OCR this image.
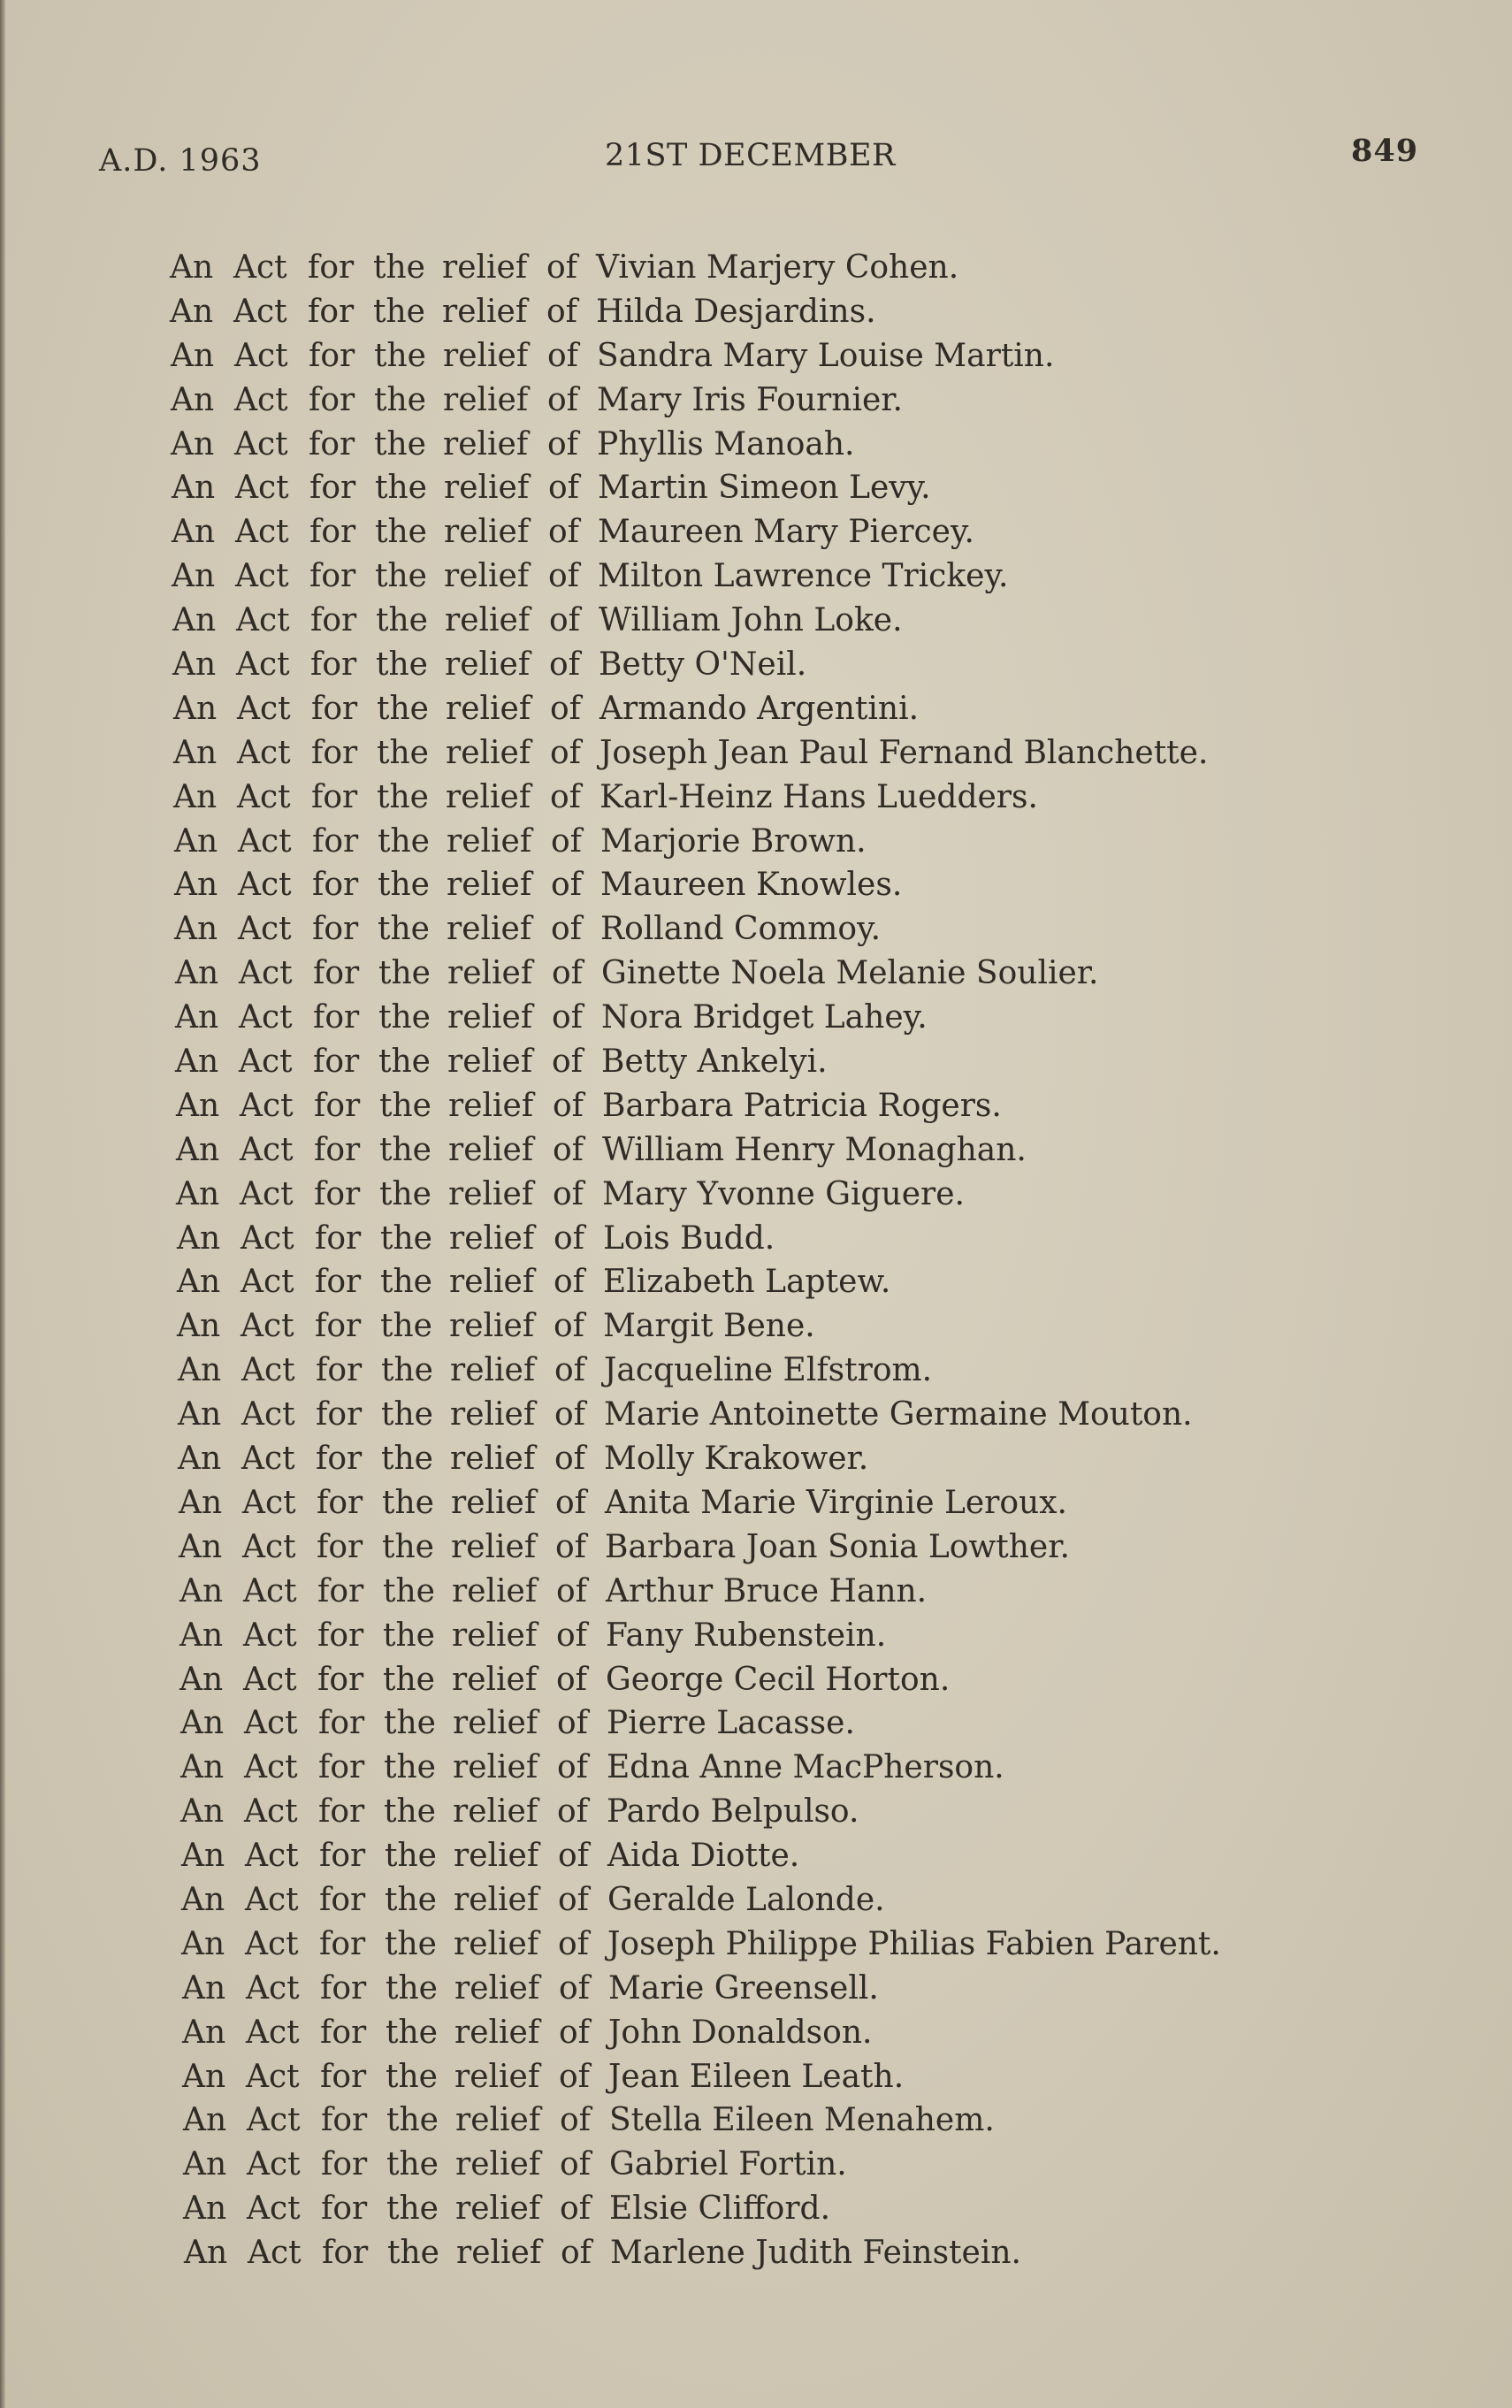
A.D. 1963	21ST DECEMBER	849
An Act for the relief of Vivian Marjery Cohen.
An Act for the relief of Hilda Desjardins.
An Act for the relief of Sandra Mary Louise Martin.
An Act for the relief of Mary Iris Fournier.
An Act for the relief of Phyllis Manoah.
An Act for the relief of Martin Simeon Levy.
An Act for the relief of Maureen Mary Piercey.
An Act for the relief of Milton Lawrence Trickey.
An Act for the relief of William John Loke.
An Act for the relief of Betty O'Neil.
An Act for the relief of Armando Argentini.
An Act for the relief of Joseph Jean Paul Fernand Blanchette.
An Act for the relief of Karl-Heinz Hans Luedders.
An Act for the relief of Marjorie Brown.
An Act for the relief of Maureen Knowles.
An Act for the relief of Rolland Commoy.
An Act for the relief of Ginette Noela Melanie Soulier.
An Act for the relief of Nora Bridget Lahey.
An Act for the relief of Betty Ankelyi.
An Act for the relief of Barbara Patricia Rogers.
An Act for the relief of William Henry Monaghan.
An Act for the relief of Mary Yvonne Giguere.
An Act for the relief of Lois Budd.
An Act for the relief of Elizabeth Laptew.
An Act for the relief of Margit Bene.
An Act for the relief of Jacqueline Elfstrom.
An Act for the relief of Marie Antoinette Germaine Mouton.
An Act for the relief of Molly Krakower.
An Act for the relief of Anita Marie Virginie Leroux.
An Act for the relief of Barbara Joan Sonia Lowther.
An Act for the relief of Arthur Bruce Hann.
An Act for the relief of Fany Rubenstein.
An Act for the relief of George Cecil Horton.
An Act for the relief of Pierre Lacasse.
An Act for the relief of Edna Anne MacPherson.
An Act for the relief of Pardo Belpulso.
An Act for the relief of Aida Diotte.
An Act for the relief of Geralde Lalonde.
An Act for the relief of Joseph Philippe Philias Fabien Parent.
An Act for the relief of Marie Greensell.
An Act for the relief of John Donaldson.
An Act for the relief of Jean Eileen Leath.
An Act for the relief of Stella Eileen Menahem.
An Act for the relief of Gabriel Fortin.
An Act for the relief of Elsie Clifford.
An Act for the relief of Marlene Judith Feinstein.
